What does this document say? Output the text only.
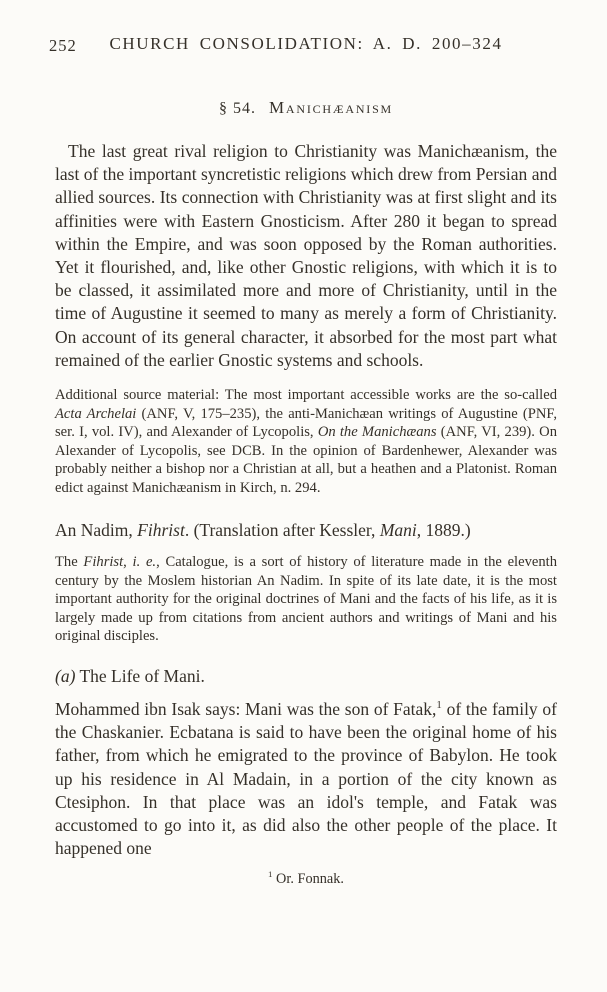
252	CHURCH CONSOLIDATION: A. D. 200–324
§ 54. Manichæanism

The last great rival religion to Christianity was Manichæanism, the last of the important syncretistic religions which drew from Persian and allied sources. Its connection with Christianity was at first slight and its affinities were with Eastern Gnosticism. After 280 it began to spread within the Empire, and was soon opposed by the Roman authorities. Yet it flourished, and, like other Gnostic religions, with which it is to be classed, it assimilated more and more of Christianity, until in the time of Augustine it seemed to many as merely a form of Christianity. On account of its general character, it absorbed for the most part what remained of the earlier Gnostic systems and schools.

Additional source material: The most important accessible works are the so-called Acta Archelai (ANF, V, 175–235), the anti-Manichæan writings of Augustine (PNF, ser. I, vol. IV), and Alexander of Lycopolis, On the Manichæans (ANF, VI, 239). On Alexander of Lycopolis, see DCB. In the opinion of Bardenhewer, Alexander was probably neither a bishop nor a Christian at all, but a heathen and a Platonist. Roman edict against Manichæanism in Kirch, n. 294.

An Nadim, Fihrist. (Translation after Kessler, Mani, 1889.)

The Fihrist, i. e., Catalogue, is a sort of history of literature made in the eleventh century by the Moslem historian An Nadim. In spite of its late date, it is the most important authority for the original doctrines of Mani and the facts of his life, as it is largely made up from citations from ancient authors and writings of Mani and his original disciples.

(a) The Life of Mani.

Mohammed ibn Isak says: Mani was the son of Fatak,$^1$ of the family of the Chaskanier. Ecbatana is said to have been the original home of his father, from which he emigrated to the province of Babylon. He took up his residence in Al Madain, in a portion of the city known as Ctesiphon. In that place was an idol's temple, and Fatak was accustomed to go into it, as did also the other people of the place. It happened one

$^1$ Or. Fonnak.
